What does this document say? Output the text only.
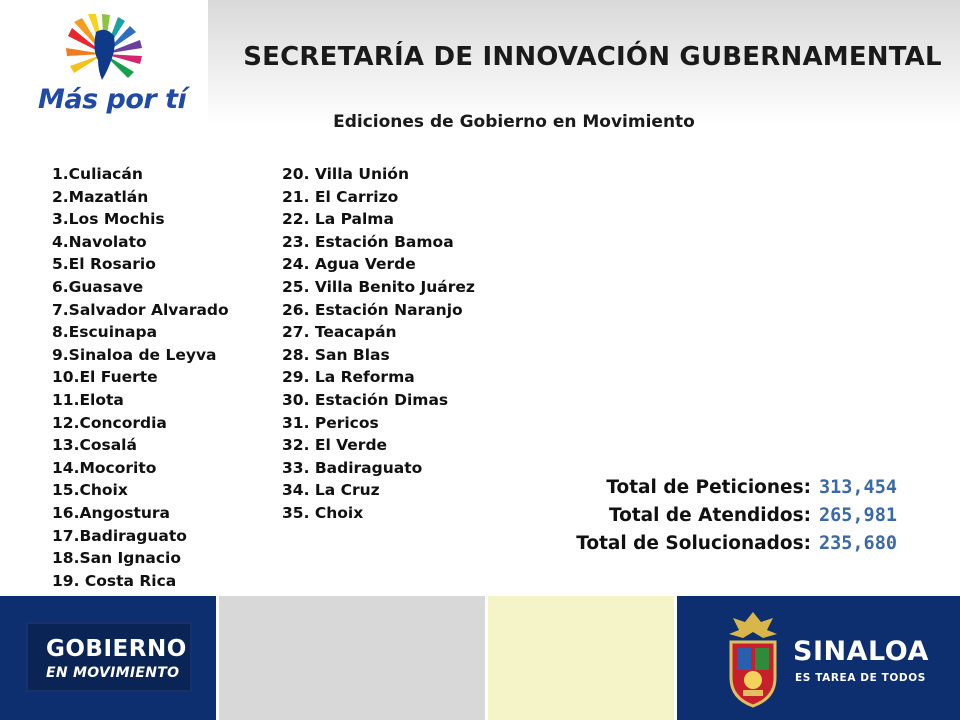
Más por tí
SECRETARÍA DE INNOVACIÓN GUBERNAMENTAL
Ediciones de Gobierno en Movimiento
1.Culiacán
2.Mazatlán
3.Los Mochis
4.Navolato
5.El Rosario
6.Guasave
7.Salvador Alvarado
8.Escuinapa
9.Sinaloa de Leyva
10.El Fuerte
11.Elota
12.Concordia
13.Cosalá
14.Mocorito
15.Choix
16.Angostura
17.Badiraguato
18.San Ignacio
19. Costa Rica
20. Villa Unión
21. El Carrizo
22. La Palma
23. Estación Bamoa
24. Agua Verde
25. Villa Benito Juárez
26. Estación Naranjo
27. Teacapán
28. San Blas
29. La Reforma
30. Estación Dimas
31. Pericos
32. El Verde
33. Badiraguato
34. La Cruz
35. Choix
Total de Peticiones: 313,454
Total de Atendidos: 265,981
Total de Solucionados: 235,680
GOBIERNO
EN MOVIMIENTO
SINALOA
ES TAREA DE TODOS
